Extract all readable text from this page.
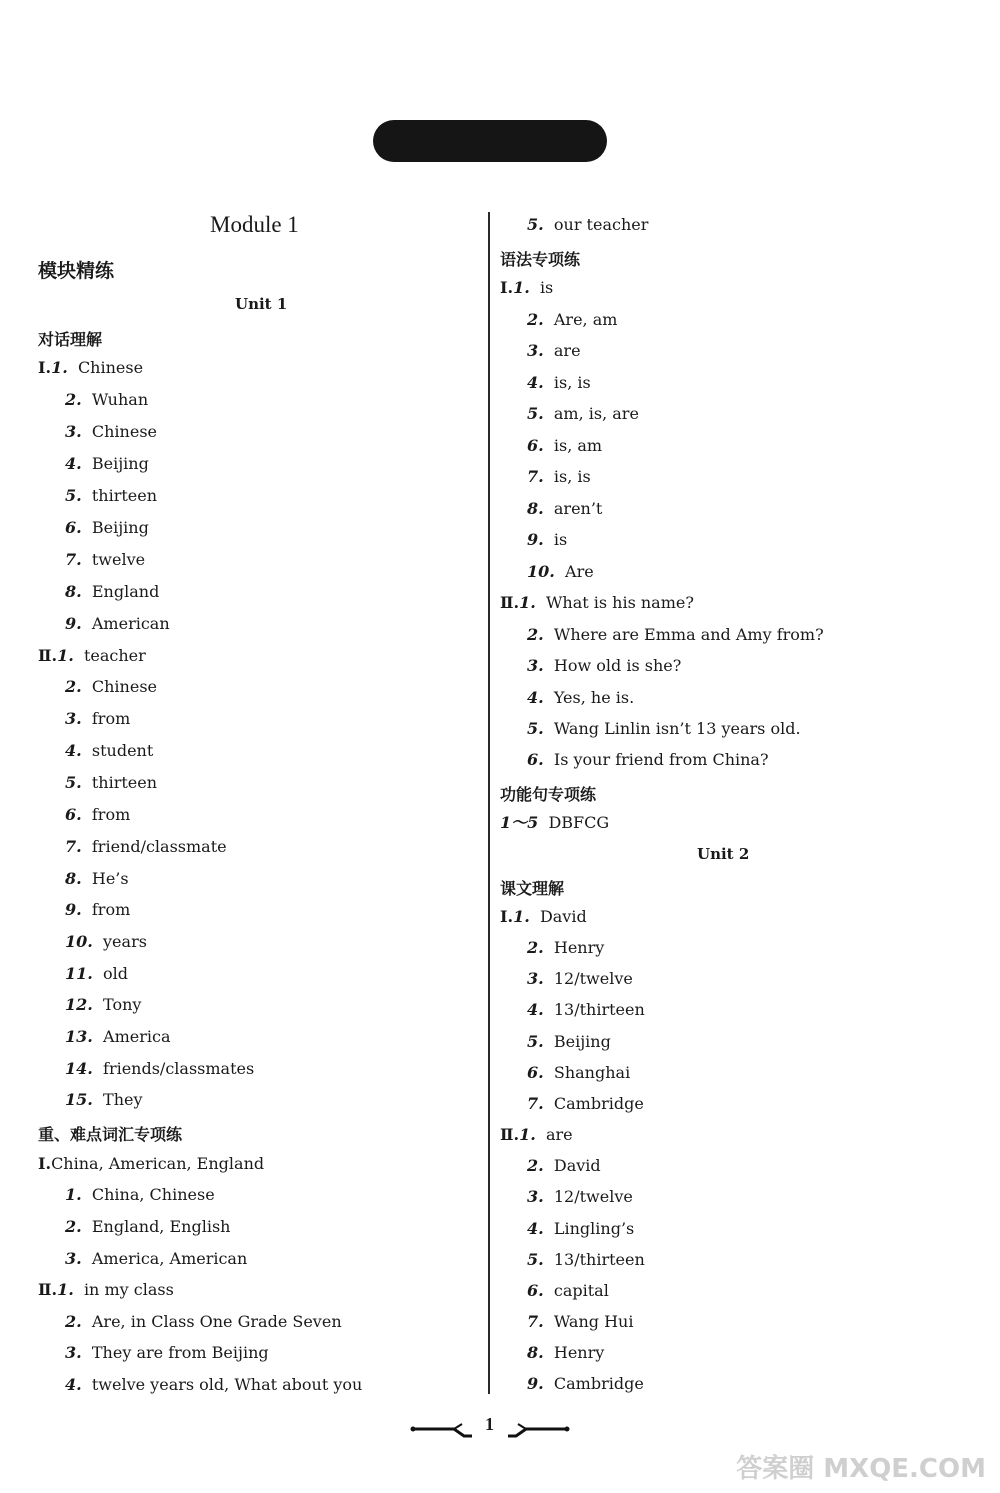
Module 1
模块精练
Unit 1
对话理解
Ⅰ.1. Chinese
2. Wuhan
3. Chinese
4. Beijing
5. thirteen
6. Beijing
7. twelve
8. England
9. American
Ⅱ.1. teacher
2. Chinese
3. from
4. student
5. thirteen
6. from
7. friend/classmate
8. He’s
9. from
10. years
11. old
12. Tony
13. America
14. friends/classmates
15. They
重、难点词汇专项练
Ⅰ.China, American, England
1. China, Chinese
2. England, English
3. America, American
Ⅱ.1. in my class
2. Are, in Class One Grade Seven
3. They are from Beijing
4. twelve years old, What about you
5. our teacher
语法专项练
Ⅰ.1. is
2. Are, am
3. are
4. is, is
5. am, is, are
6. is, am
7. is, is
8. aren’t
9. is
10. Are
Ⅱ.1. What is his name?
2. Where are Emma and Amy from?
3. How old is she?
4. Yes, he is.
5. Wang Linlin isn’t 13 years old.
6. Is your friend from China?
功能句专项练
1～5 DBFCG
Unit 2
课文理解
Ⅰ.1. David
2. Henry
3. 12/twelve
4. 13/thirteen
5. Beijing
6. Shanghai
7. Cambridge
Ⅱ.1. are
2. David
3. 12/twelve
4. Lingling’s
5. 13/thirteen
6. capital
7. Wang Hui
8. Henry
9. Cambridge
1
答案圈 MXQE.COM
